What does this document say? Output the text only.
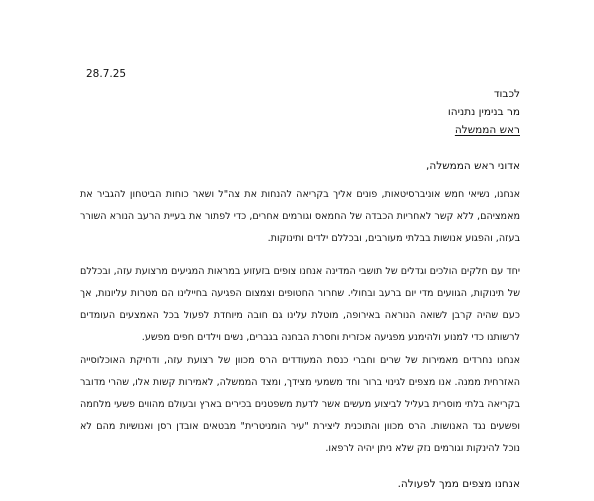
28.7.25
לכבוד
מר בנימין נתניהו
ראש הממשלה
אדוני ראש הממשלה,

אנחנו, נשיאי חמש אוניברסיטאות, פונים אליך בקריאה להנחות את צה"ל ושאר כוחות הביטחון להגביר את מאמציהם, ללא קשר לאחריות הכבדה של החמאס וגורמים אחרים, כדי לפתור את בעיית הרעב הנורא השורר בעזה, והפגוע אנושות בבלתי מעורבים, ובכללם ילדים ותינוקות.

יחד עם חלקים הולכים וגדלים של תושבי המדינה אנחנו צופים בזעזוע במראות המגיעים מרצועת עזה, ובכללם של תינוקות, הגוועים מדי יום ברעב ובחולי. שחרור החטופים וצמצום הפגיעה בחיילינו הם מטרות עליונות, אך כעם שהיה קרבן לשואה הנוראה באירופה, מוטלת עלינו גם חובה מיוחדת לפעול בכל האמצעים העומדים לרשותנו כדי למנוע ולהימנע מפגיעה אכזרית וחסרת הבחנה בגברים, נשים וילדים חפים מפשע.

אנחנו נחרדים מאמירות של שרים וחברי כנסת המעודדים הרס מכוון של רצועת עזה, ודחיקת האוכלוסייה האזרחית ממנה. אנו מצפים לגינוי ברור וחד משמעי מצידך, ומצד הממשלה, לאמירות קשות אלו, שהרי מדובר בקריאה בלתי מוסרית בעליל לביצוע מעשים אשר לדעת משפטנים בכירים בארץ ובעולם מהווים פשעי מלחמה ופשעים נגד האנושות. הרס מכוון והתוכנית ליצירת "עיר הומניטרית" מבטאים אובדן רסן ואנושיות מהם לא נוכל להינקות וגורמים נזק שלא ניתן יהיה לרפאו.

אנחנו מצפים ממך לפעולה.
